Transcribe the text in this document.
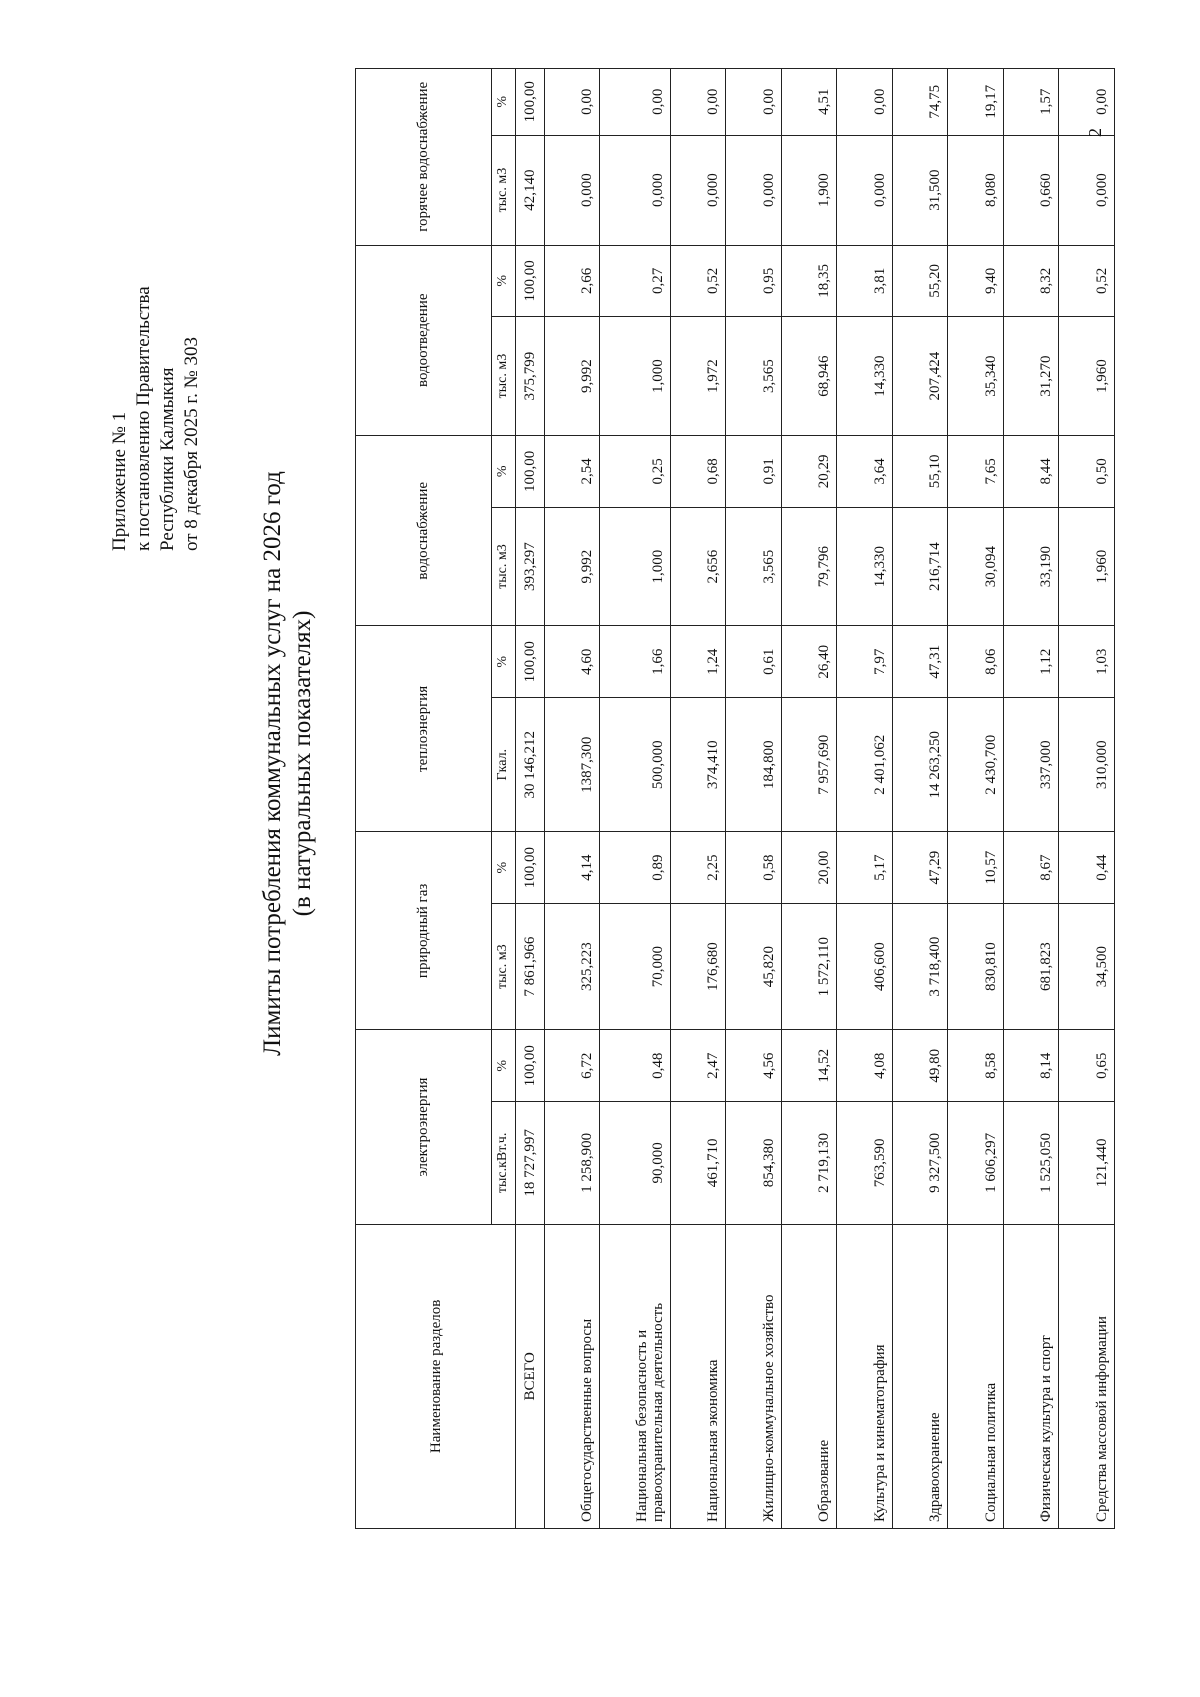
Приложение № 1 к постановлению Правительства Республики Калмыкия от 8 декабря 2025 г. № 303
Лимиты потребления коммунальных услуг на 2026 год (в натуральных показателях)
Наименование разделов	электроэнергия		природный газ		теплоэнергия		водоснабжение		водоотведение		горячее водоснабжение	
	тыс.кВт.ч.	%	тыс. м3	%	Гкал.	%	тыс. м3	%	тыс. м3	%	тыс. м3	%
ВСЕГО	18 727,997	100,00	7 861,966	100,00	30 146,212	100,00	393,297	100,00	375,799	100,00	42,140	100,00
Общегосударственные вопросы	1 258,900	6,72	325,223	4,14	1387,300	4,60	9,992	2,54	9,992	2,66	0,000	0,00
Национальная безопасность и правоохранительная деятельность	90,000	0,48	70,000	0,89	500,000	1,66	1,000	0,25	1,000	0,27	0,000	0,00
Национальная экономика	461,710	2,47	176,680	2,25	374,410	1,24	2,656	0,68	1,972	0,52	0,000	0,00
Жилищно-коммунальное хозяйство	854,380	4,56	45,820	0,58	184,800	0,61	3,565	0,91	3,565	0,95	0,000	0,00
Образование	2 719,130	14,52	1 572,110	20,00	7 957,690	26,40	79,796	20,29	68,946	18,35	1,900	4,51
Культура и кинематография	763,590	4,08	406,600	5,17	2 401,062	7,97	14,330	3,64	14,330	3,81	0,000	0,00
Здравоохранение	9 327,500	49,80	3 718,400	47,29	14 263,250	47,31	216,714	55,10	207,424	55,20	31,500	74,75
Социальная политика	1 606,297	8,58	830,810	10,57	2 430,700	8,06	30,094	7,65	35,340	9,40	8,080	19,17
Физическая культура и спорт	1 525,050	8,14	681,823	8,67	337,000	1,12	33,190	8,44	31,270	8,32	0,660	1,57
Средства массовой информации	121,440	0,65	34,500	0,44	310,000	1,03	1,960	0,50	1,960	0,52	0,000	0,00
2
